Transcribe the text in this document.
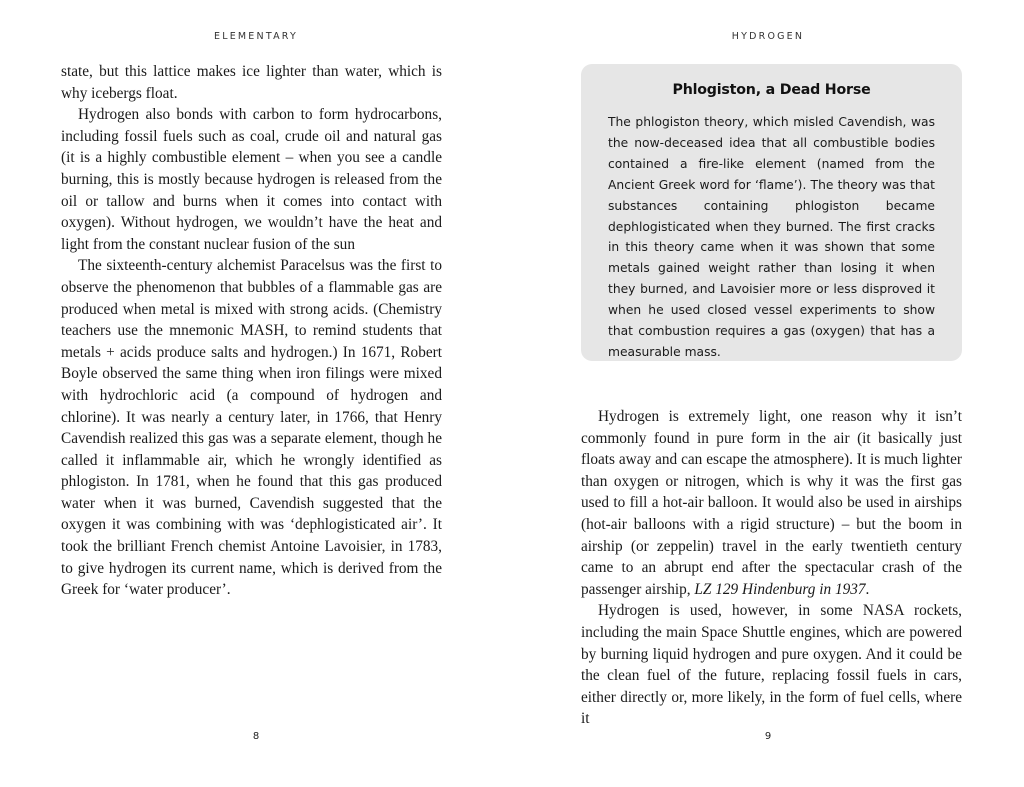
ELEMENTARY

state, but this lattice makes ice lighter than water, which is why icebergs float.

Hydrogen also bonds with carbon to form hydrocarbons, including fossil fuels such as coal, crude oil and natural gas (it is a highly combustible element – when you see a candle burning, this is mostly because hydrogen is released from the oil or tallow and burns when it comes into contact with oxygen). Without hydrogen, we wouldn’t have the heat and light from the constant nuclear fusion of the sun

The sixteenth-century alchemist Paracelsus was the first to observe the phenomenon that bubbles of a flammable gas are produced when metal is mixed with strong acids. (Chemistry teachers use the mnemonic MASH, to remind students that metals + acids produce salts and hydrogen.) In 1671, Robert Boyle observed the same thing when iron filings were mixed with hydrochloric acid (a compound of hydrogen and chlorine). It was nearly a century later, in 1766, that Henry Cavendish realized this gas was a separate element, though he called it inflammable air, which he wrongly identified as phlogiston. In 1781, when he found that this gas produced water when it was burned, Cavendish suggested that the oxygen it was combining with was ‘dephlogisticated air’. It took the brilliant French chemist Antoine Lavoisier, in 1783, to give hydrogen its current name, which is derived from the Greek for ‘water producer’.

8
HYDROGEN
Phlogiston, a Dead Horse

The phlogiston theory, which misled Cavendish, was the now-deceased idea that all combustible bodies contained a fire-like element (named from the Ancient Greek word for ‘flame’). The theory was that substances containing phlogiston became dephlogisticated when they burned. The first cracks in this theory came when it was shown that some metals gained weight rather than losing it when they burned, and Lavoisier more or less disproved it when he used closed vessel experiments to show that combustion requires a gas (oxygen) that has a measurable mass.

Hydrogen is extremely light, one reason why it isn’t commonly found in pure form in the air (it basically just floats away and can escape the atmosphere). It is much lighter than oxygen or nitrogen, which is why it was the first gas used to fill a hot-air balloon. It would also be used in airships (hot-air balloons with a rigid structure) – but the boom in airship (or zeppelin) travel in the early twentieth century came to an abrupt end after the spectacular crash of the passenger airship, LZ 129 Hindenburg in 1937.

Hydrogen is used, however, in some NASA rockets, including the main Space Shuttle engines, which are powered by burning liquid hydrogen and pure oxygen. And it could be the clean fuel of the future, replacing fossil fuels in cars, either directly or, more likely, in the form of fuel cells, where it

9
